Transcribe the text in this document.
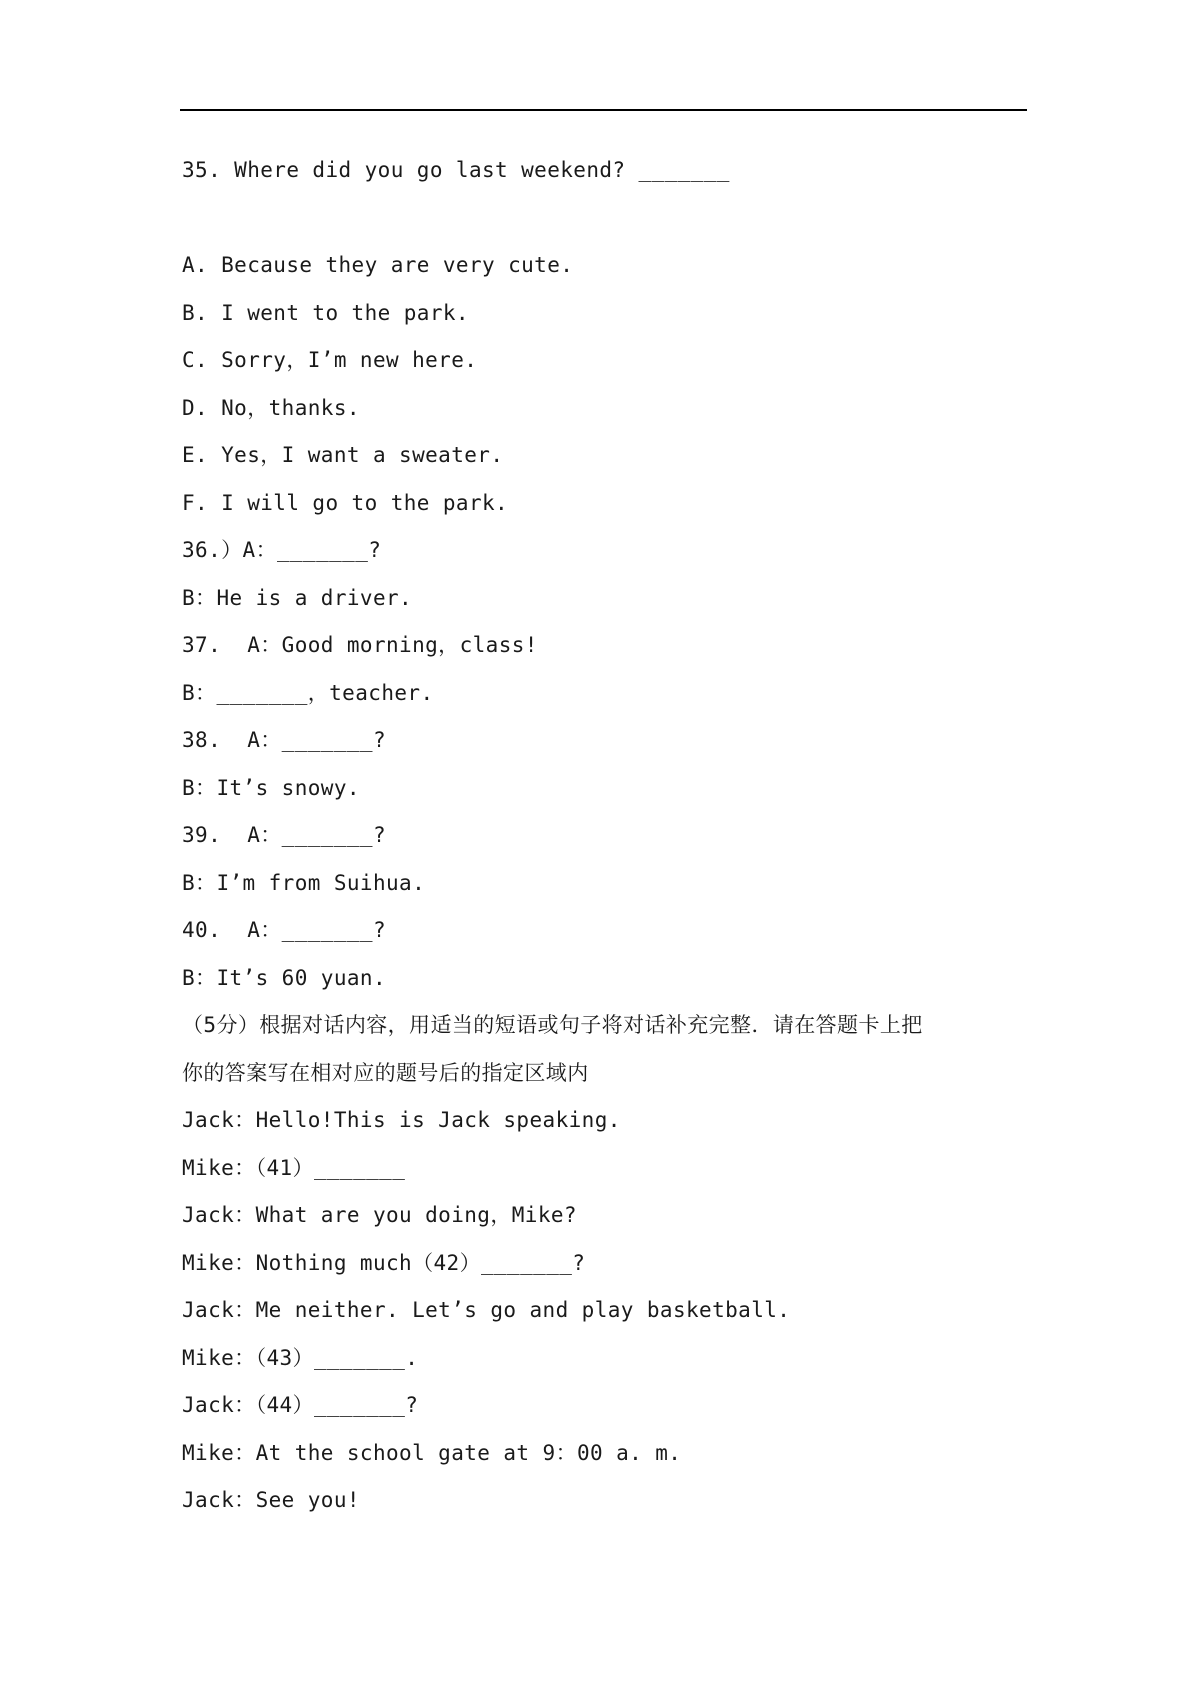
35. Where did you go last weekend? _______
A. Because they are very cute.
B. I went to the park.
C. Sorry，I’m new here.
D. No，thanks.
E. Yes，I want a sweater.
F. I will go to the park.
36.）A：_______?
B：He is a driver.
37.  A：Good morning，class!
B：_______，teacher.
38.  A：_______?
B：It’s snowy.
39.  A：_______?
B：I’m from Suihua.
40.  A：_______?
B：It’s 60 yuan.
（5分）根据对话内容，用适当的短语或句子将对话补充完整．请在答题卡上把
你的答案写在相对应的题号后的指定区域内
Jack：Hello!This is Jack speaking.
Mike：（41）_______
Jack：What are you doing，Mike?
Mike：Nothing much（42）_______?
Jack：Me neither. Let’s go and play basketball.
Mike：（43）_______.
Jack：（44）_______?
Mike：At the school gate at 9：00 a. m.
Jack：See you!
